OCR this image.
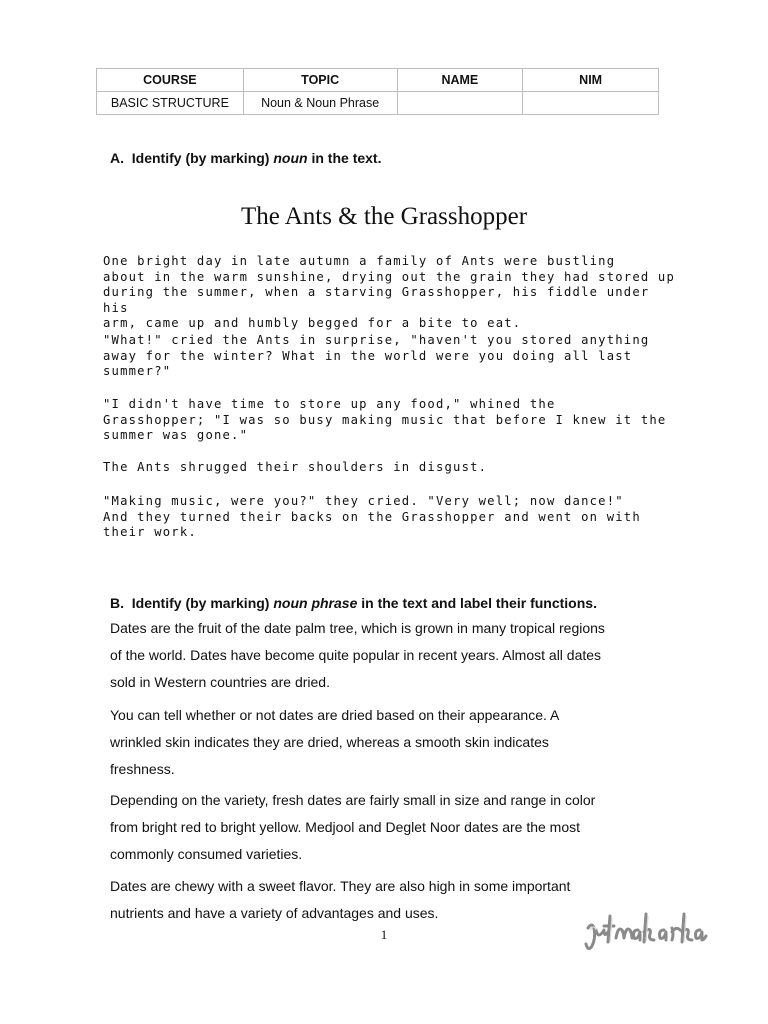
COURSE	TOPIC	NAME	NIM
BASIC STRUCTURE	Noun & Noun Phrase		
A. Identify (by marking) noun in the text.
The Ants & the Grasshopper
One bright day in late autumn a family of Ants were bustling
about in the warm sunshine, drying out the grain they had stored up
during the summer, when a starving Grasshopper, his fiddle under his
arm, came up and humbly begged for a bite to eat.
"What!" cried the Ants in surprise, "haven't you stored anything
away for the winter? What in the world were you doing all last
summer?"
"I didn't have time to store up any food," whined the
Grasshopper; "I was so busy making music that before I knew it the
summer was gone."
The Ants shrugged their shoulders in disgust.
"Making music, were you?" they cried. "Very well; now dance!"
And they turned their backs on the Grasshopper and went on with
their work.
B. Identify (by marking) noun phrase in the text and label their functions.
Dates are the fruit of the date palm tree, which is grown in many tropical regions
of the world. Dates have become quite popular in recent years. Almost all dates
sold in Western countries are dried.
You can tell whether or not dates are dried based on their appearance. A
wrinkled skin indicates they are dried, whereas a smooth skin indicates
freshness.
Depending on the variety, fresh dates are fairly small in size and range in color
from bright red to bright yellow. Medjool and Deglet Noor dates are the most
commonly consumed varieties.
Dates are chewy with a sweet flavor. They are also high in some important
nutrients and have a variety of advantages and uses.
1
